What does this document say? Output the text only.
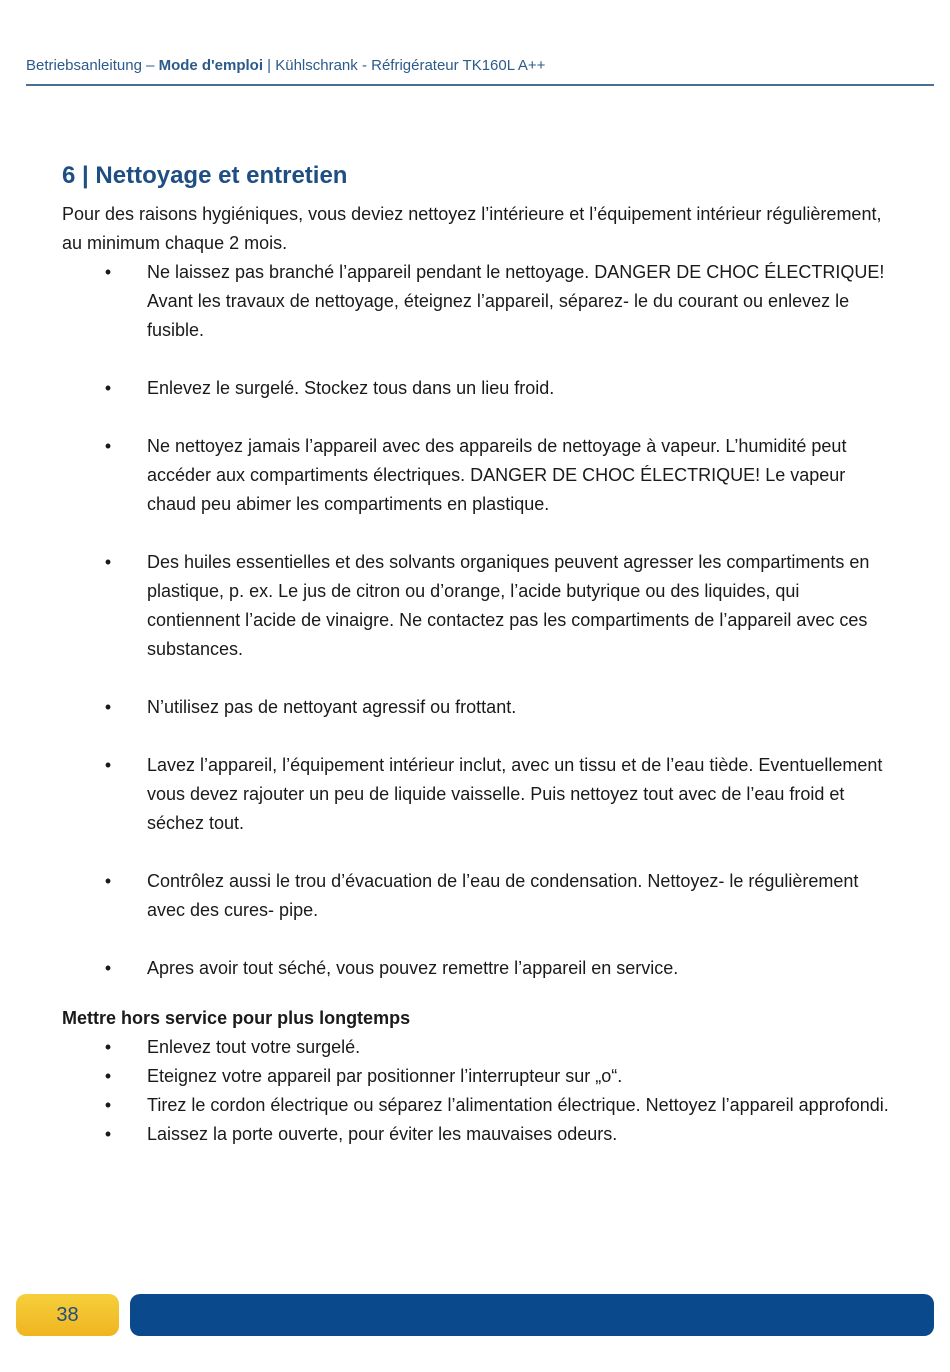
Betriebsanleitung – Mode d'emploi | Kühlschrank - Réfrigérateur TK160L A++
6 | Nettoyage et entretien

Pour des raisons hygiéniques, vous deviez nettoyez l’intérieure et l’équipement intérieur régulièrement, au minimum chaque 2 mois.

• Ne laissez pas branché l’appareil pendant le nettoyage. DANGER DE CHOC ÉLECTRIQUE! Avant les travaux de nettoyage, éteignez l’appareil, séparez- le du courant ou enlevez le fusible.
• Enlevez le surgelé. Stockez tous dans un lieu froid.
• Ne nettoyez jamais l’appareil avec des appareils de nettoyage à vapeur. L’humidité peut accéder aux compartiments électriques. DANGER DE CHOC ÉLECTRIQUE! Le vapeur chaud peu abimer les compartiments en plastique.
• Des huiles essentielles et des solvants organiques peuvent agresser les compartiments en plastique, p. ex. Le jus de citron ou d’orange, l’acide butyrique ou des liquides, qui contiennent l’acide de vinaigre. Ne contactez pas les compartiments de l’appareil avec ces substances.
• N’utilisez pas de nettoyant agressif ou frottant.
• Lavez l’appareil, l’équipement intérieur inclut, avec un tissu et de l’eau tiède. Eventuellement vous devez rajouter un peu de liquide vaisselle. Puis nettoyez tout avec de l’eau froid et séchez tout.
• Contrôlez aussi le trou d’évacuation de l’eau de condensation. Nettoyez- le régulièrement avec des cures- pipe.
• Apres avoir tout séché, vous pouvez remettre l’appareil en service.
Mettre hors service pour plus longtemps
• Enlevez tout votre surgelé.
• Eteignez votre appareil par positionner l’interrupteur sur „o“.
• Tirez le cordon électrique ou séparez l’alimentation électrique. Nettoyez l’appareil approfondi.
• Laissez la porte ouverte, pour éviter les mauvaises odeurs.
38
